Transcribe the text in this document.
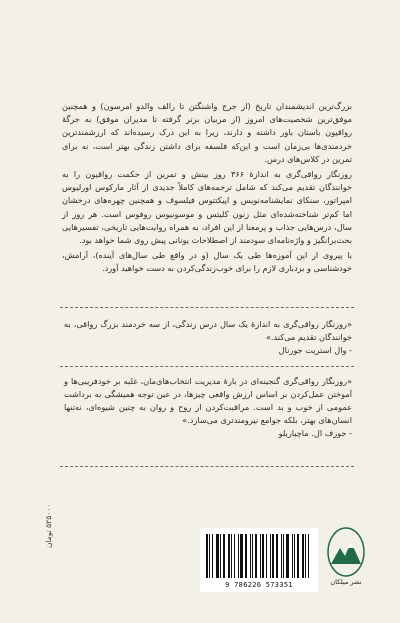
بزرگ‌ترین اندیشمندان تاریخ (از جرج واشنگتن تا رالف والدو امرسون) و همچنین موفق‌ترین شخصیت‌های امروز (از مربیان برتر گرفته تا مدیران موفق) به جرگهٔ رواقیون باستان باور داشته و دارند، زیرا به این درک رسیده‌اند که ارزشمندترین خردمندی‌ها بی‌زمان است و این‌که فلسفه برای داشتن زندگی بهتر است، نه برای تمرین در کلاس‌های درس.

روزنگار رواقی‌گری به اندازهٔ ۳۶۶ روز بینش و تمرین از حکمت رواقیون را به خوانندگان تقدیم می‌کند که شامل ترجمه‌های کاملاً جدیدی از آثار مارکوس اورلیوس امپراتور، سنکای نمایشنامه‌نویس و اپیکتتوس فیلسوف و همچنین چهره‌های درخشان اما کم‌تر شناخته‌شده‌ای مثل زنون کلیتس و موسونیوس روفوس است. هر روز از سال، درس‌هایی جذاب و پرمعنا از این افراد، به همراه روایت‌هایی تاریخی، تفسیرهایی بحث‌برانگیز و واژه‌نامه‌ای سودمند از اصطلاحات یونانی پیش روی شما خواهد بود.

با پیروی از این آموزه‌ها طی یک سال (و در واقع طی سال‌های آینده)، آرامش، خودشناسی و بردباری لازم را برای خوب‌زندگی‌کردن به دست خواهید آورد.

«روزنگار رواقی‌گری به اندازهٔ یک سال درس زندگی، از سه خردمند بزرگ رواقی، به خوانندگان تقدیم می‌کند.»
- وال استریت جورنال
«روزنگار رواقی‌گری گنجینه‌ای در بارهٔ مدیریت انتخاب‌های‌مان، غلبه بر خودفریبی‌ها و آموختن عمل‌کردن بر اساس ارزش واقعی چیزها، در عین توجه همیشگی به برداشت عمومی از خوب و بد است. مراقبت‌کردن از روح و روان به چنین شیوه‌ای، نه‌تنها انسان‌های بهتر، بلکه جوامع نیرومندتری می‌سازد.»
- جوزف ال. ماچیاریلو
۵۲۵۰۰۰ تومان
9 786226 573351	نشر میلکان
